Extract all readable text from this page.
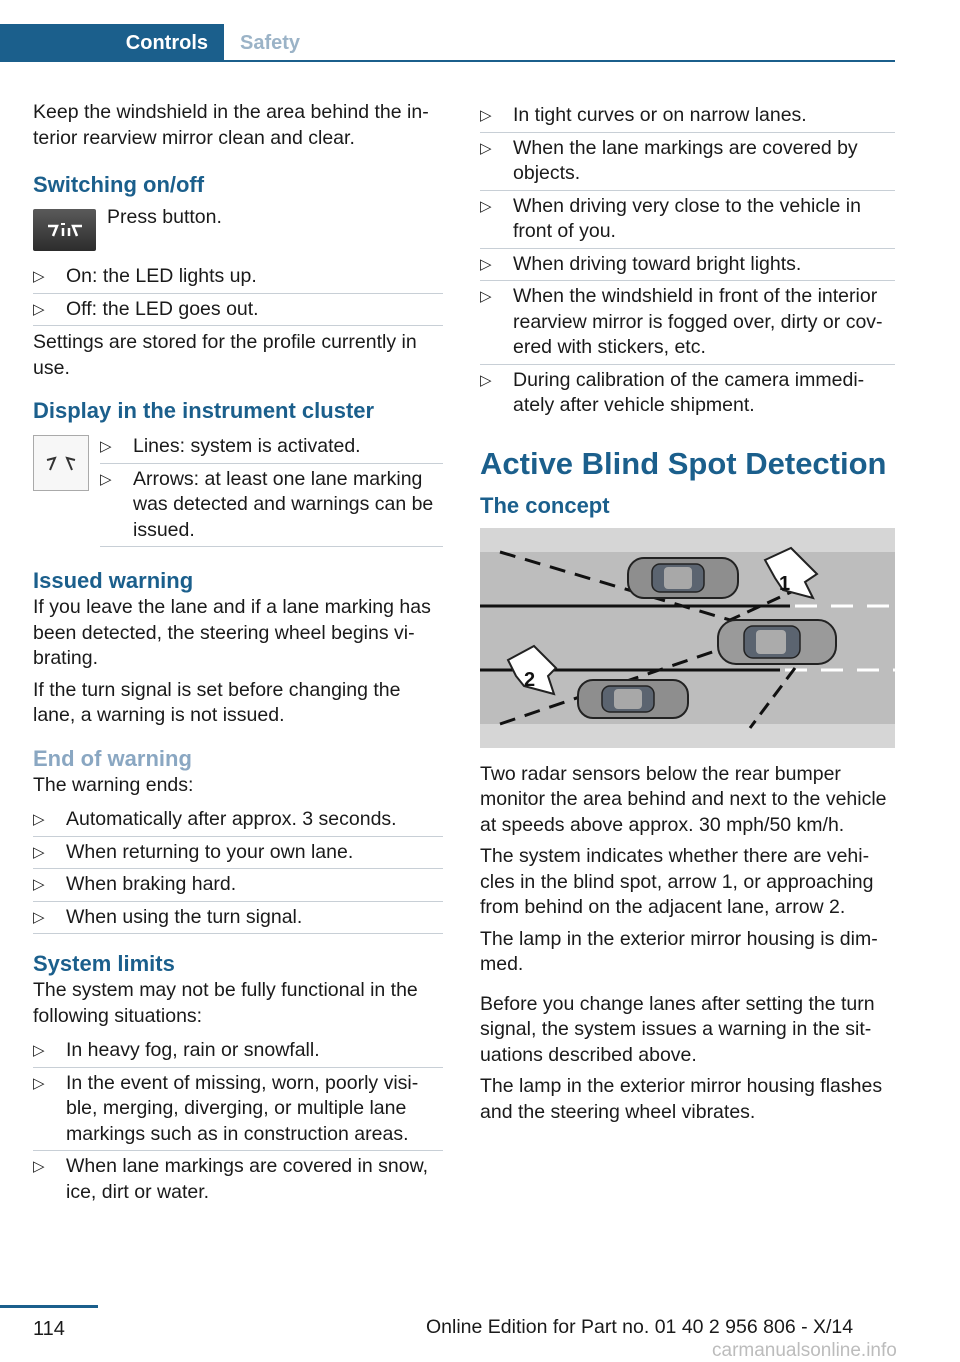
Controls	Safety

Keep the windshield in the area behind the interior rearview mirror clean and clear.

Switching on/off

Press button.

▷ On: the LED lights up.
▷ Off: the LED goes out.

Settings are stored for the profile currently in use.

Display in the instrument cluster
▷ Lines: system is activated.
▷ Arrows: at least one lane marking was detected and warnings can be issued.
Issued warning

If you leave the lane and if a lane marking has been detected, the steering wheel begins vibrating.

If the turn signal is set before changing the lane, a warning is not issued.

End of warning

The warning ends:

▷ Automatically after approx. 3 seconds.
▷ When returning to your own lane.
▷ When braking hard.
▷ When using the turn signal.
System limits

The system may not be fully functional in the following situations:

▷ In heavy fog, rain or snowfall.
▷ In the event of missing, worn, poorly visible, merging, diverging, or multiple lane markings such as in construction areas.
▷ When lane markings are covered in snow, ice, dirt or water.
▷ In tight curves or on narrow lanes.
▷ When the lane markings are covered by objects.
▷ When driving very close to the vehicle in front of you.
▷ When driving toward bright lights.
▷ When the windshield in front of the interior rearview mirror is fogged over, dirty or covered with stickers, etc.
▷ During calibration of the camera immediately after vehicle shipment.
Active Blind Spot Detection
The concept
1
2

Two radar sensors below the rear bumper monitor the area behind and next to the vehicle at speeds above approx. 30 mph/50 km/h.

The system indicates whether there are vehicles in the blind spot, arrow 1, or approaching from behind on the adjacent lane, arrow 2.

The lamp in the exterior mirror housing is dimmed.

Before you change lanes after setting the turn signal, the system issues a warning in the situations described above.

The lamp in the exterior mirror housing flashes and the steering wheel vibrates.

114	Online Edition for Part no. 01 40 2 956 806 - X/14
carmanualsonline.info
